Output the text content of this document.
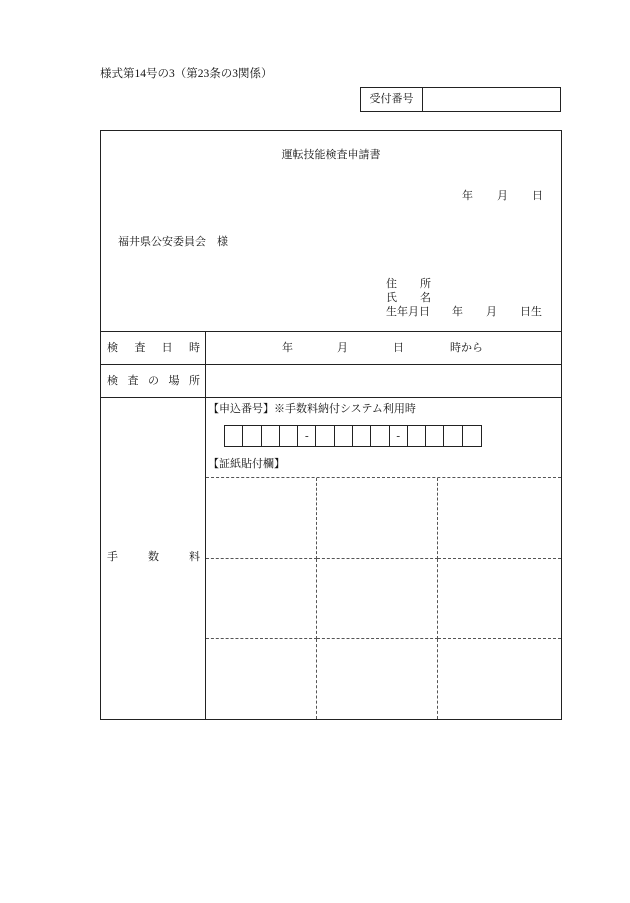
様式第14号の3（第23条の3関係）
受付番号
運転技能検査申請書
年 月 日
福井県公安委員会　様
住 所
氏 名
生年月日 年 月 日生
検 査 日 時	年	月	日	時から
検 査 の 場 所
手	数	料
【申込番号】※手数料納付システム利用時
-	-
【証紙貼付欄】
